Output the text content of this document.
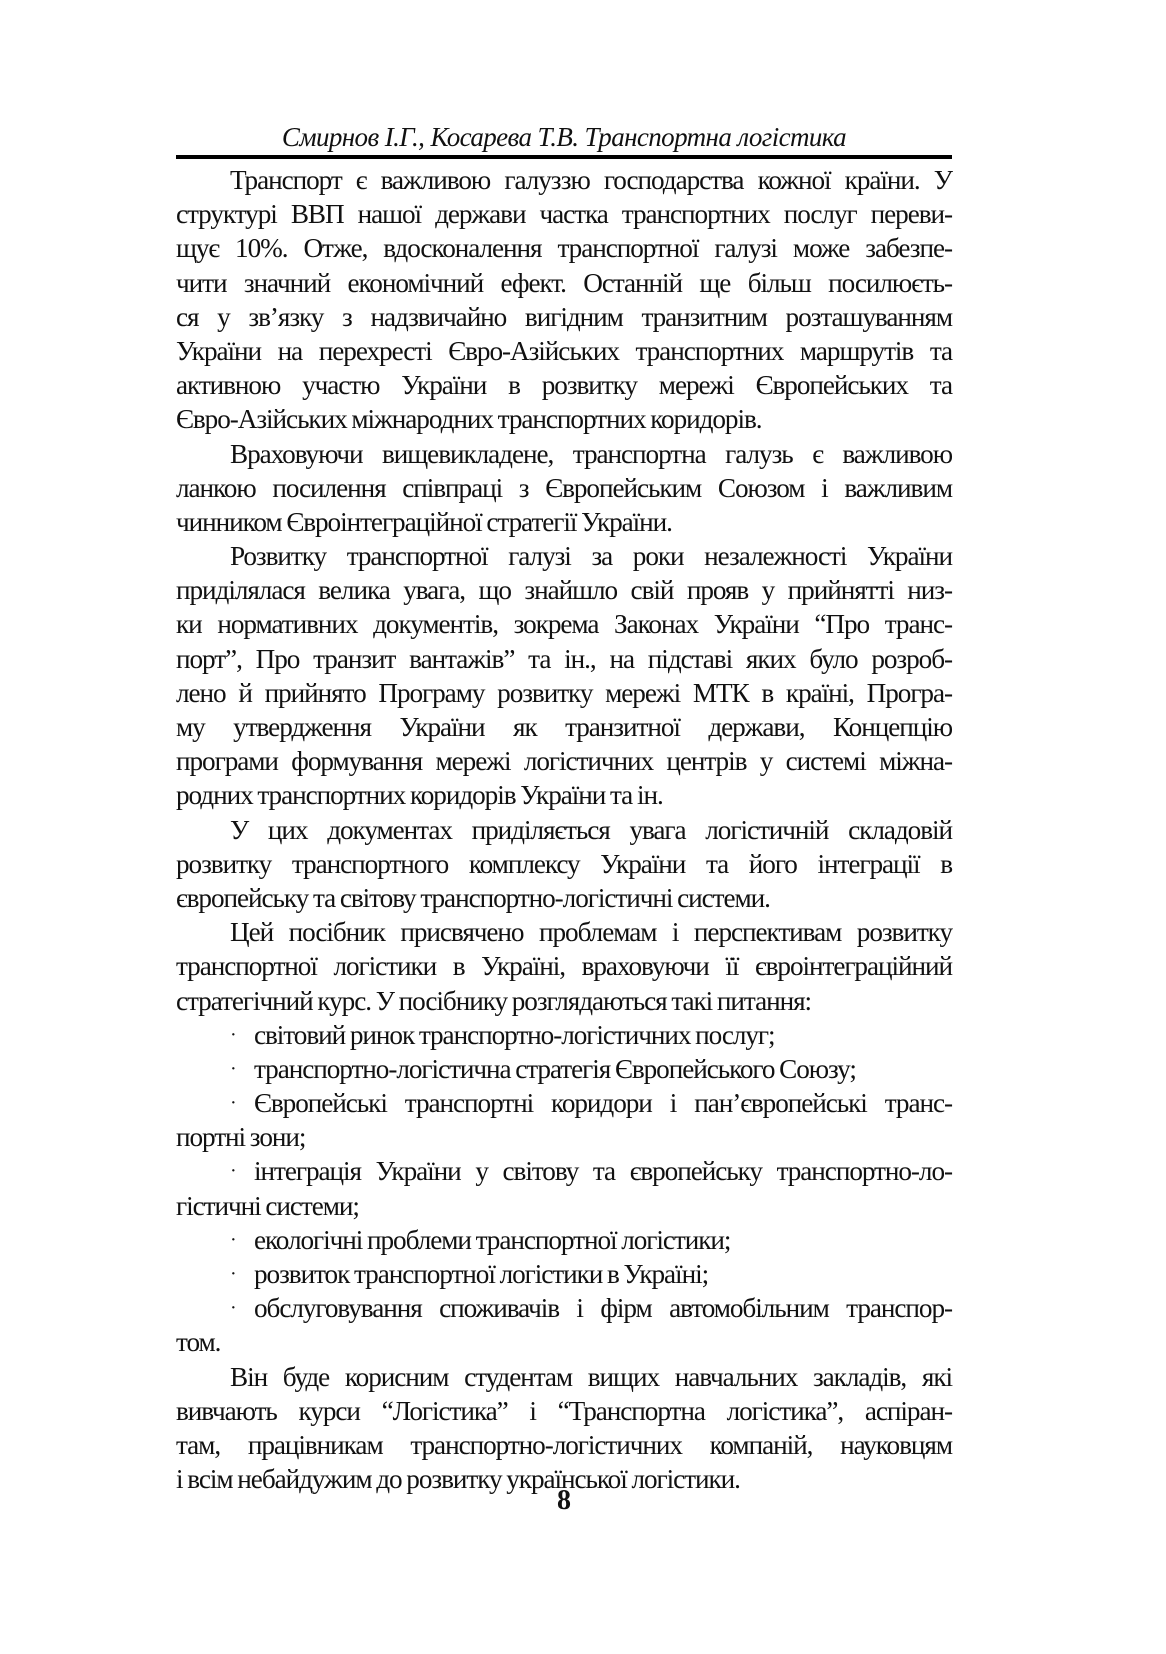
Смирнов І.Г., Косарева Т.В. Транспортна логістика
Транспорт є важливою галуззю господарства кожної країни. У
структурі ВВП нашої держави частка транспортних послуг переви-
щує 10%. Отже, вдосконалення транспортної галузі може забезпе-
чити значний економічний ефект. Останній ще більш посилюєть-
ся у зв’язку з надзвичайно вигідним транзитним розташуванням
України на перехресті Євро-Азійських транспортних маршрутів та
активною участю України в розвитку мережі Європейських та
Євро-Азійських міжнародних транспортних коридорів.
Враховуючи вищевикладене, транспортна галузь є важливою
ланкою посилення співпраці з Європейським Союзом і важливим
чинником Євроінтеграційної стратегії України.
Розвитку транспортної галузі за роки незалежності України
приділялася велика увага, що знайшло свій прояв у прийнятті низ-
ки нормативних документів, зокрема Законах України “Про транс-
порт”, Про транзит вантажів” та ін., на підставі яких було розроб-
лено й прийнято Програму розвитку мережі МТК в країні, Програ-
му утвердження України як транзитної держави, Концепцію
програми формування мережі логістичних центрів у системі міжна-
родних транспортних коридорів України та ін.
У цих документах приділяється увага логістичній складовій
розвитку транспортного комплексу України та його інтеграції в
європейську та світову транспортно-логістичні системи.
Цей посібник присвячено проблемам і перспективам розвитку
транспортної логістики в Україні, враховуючи її євроінтеграційний
стратегічний курс. У посібнику розглядаються такі питання:
· світовий ринок транспортно-логістичних послуг;
· транспортно-логістична стратегія Європейського Союзу;
· Європейські транспортні коридори і пан’європейські транс-
портні зони;
· інтеграція України у світову та європейську транспортно-ло-
гістичні системи;
· екологічні проблеми транспортної логістики;
· розвиток транспортної логістики в Україні;
· обслуговування споживачів і фірм автомобільним транспор-
том.
Він буде корисним студентам вищих навчальних закладів, які
вивчають курси “Логістика” і “Транспортна логістика”, аспіран-
там, працівникам транспортно-логістичних компаній, науковцям
і всім небайдужим до розвитку української логістики.
8
